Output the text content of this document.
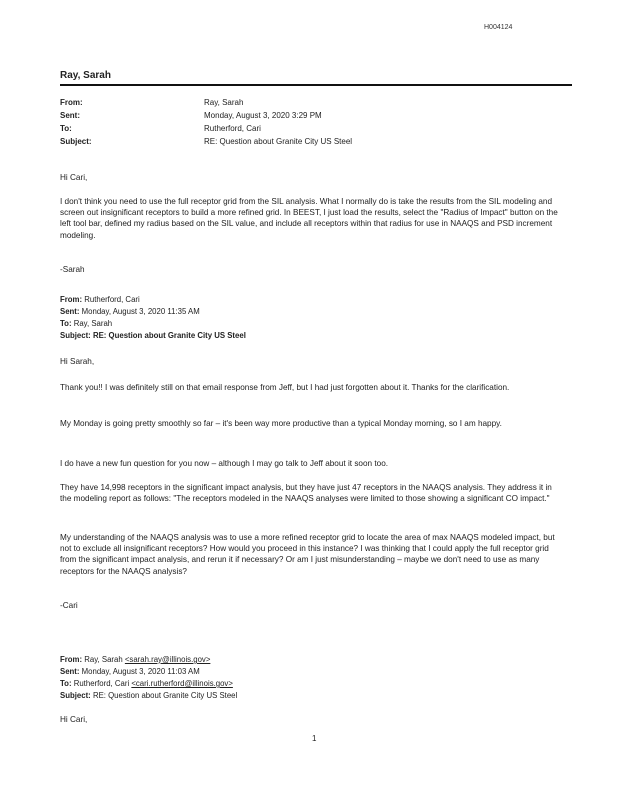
H004124
Ray, Sarah
From:	Ray, Sarah
Sent:	Monday, August 3, 2020 3:29 PM
To:	Rutherford, Cari
Subject:	RE: Question about Granite City US Steel
Hi Cari,
I don't think you need to use the full receptor grid from the SIL analysis. What I normally do is take the results from the SIL modeling and screen out insignificant receptors to build a more refined grid. In BEEST, I just load the results, select the "Radius of Impact" button on the left tool bar, defined my radius based on the SIL value, and include all receptors within that radius for use in NAAQS and PSD increment modeling.
-Sarah
From: Rutherford, Cari
Sent: Monday, August 3, 2020 11:35 AM
To: Ray, Sarah
Subject: RE: Question about Granite City US Steel
Hi Sarah,
Thank you!! I was definitely still on that email response from Jeff, but I had just forgotten about it. Thanks for the clarification.
My Monday is going pretty smoothly so far – it's been way more productive than a typical Monday morning, so I am happy.
I do have a new fun question for you now – although I may go talk to Jeff about it soon too.
They have 14,998 receptors in the significant impact analysis, but they have just 47 receptors in the NAAQS analysis. They address it in the modeling report as follows: "The receptors modeled in the NAAQS analyses were limited to those showing a significant CO impact."
My understanding of the NAAQS analysis was to use a more refined receptor grid to locate the area of max NAAQS modeled impact, but not to exclude all insignificant receptors? How would you proceed in this instance? I was thinking that I could apply the full receptor grid from the significant impact analysis, and rerun it if necessary? Or am I just misunderstanding – maybe we don't need to use as many receptors for the NAAQS analysis?
-Cari
From: Ray, Sarah <sarah.ray@illinois.gov>
Sent: Monday, August 3, 2020 11:03 AM
To: Rutherford, Cari <cari.rutherford@illinois.gov>
Subject: RE: Question about Granite City US Steel
Hi Cari,
1
